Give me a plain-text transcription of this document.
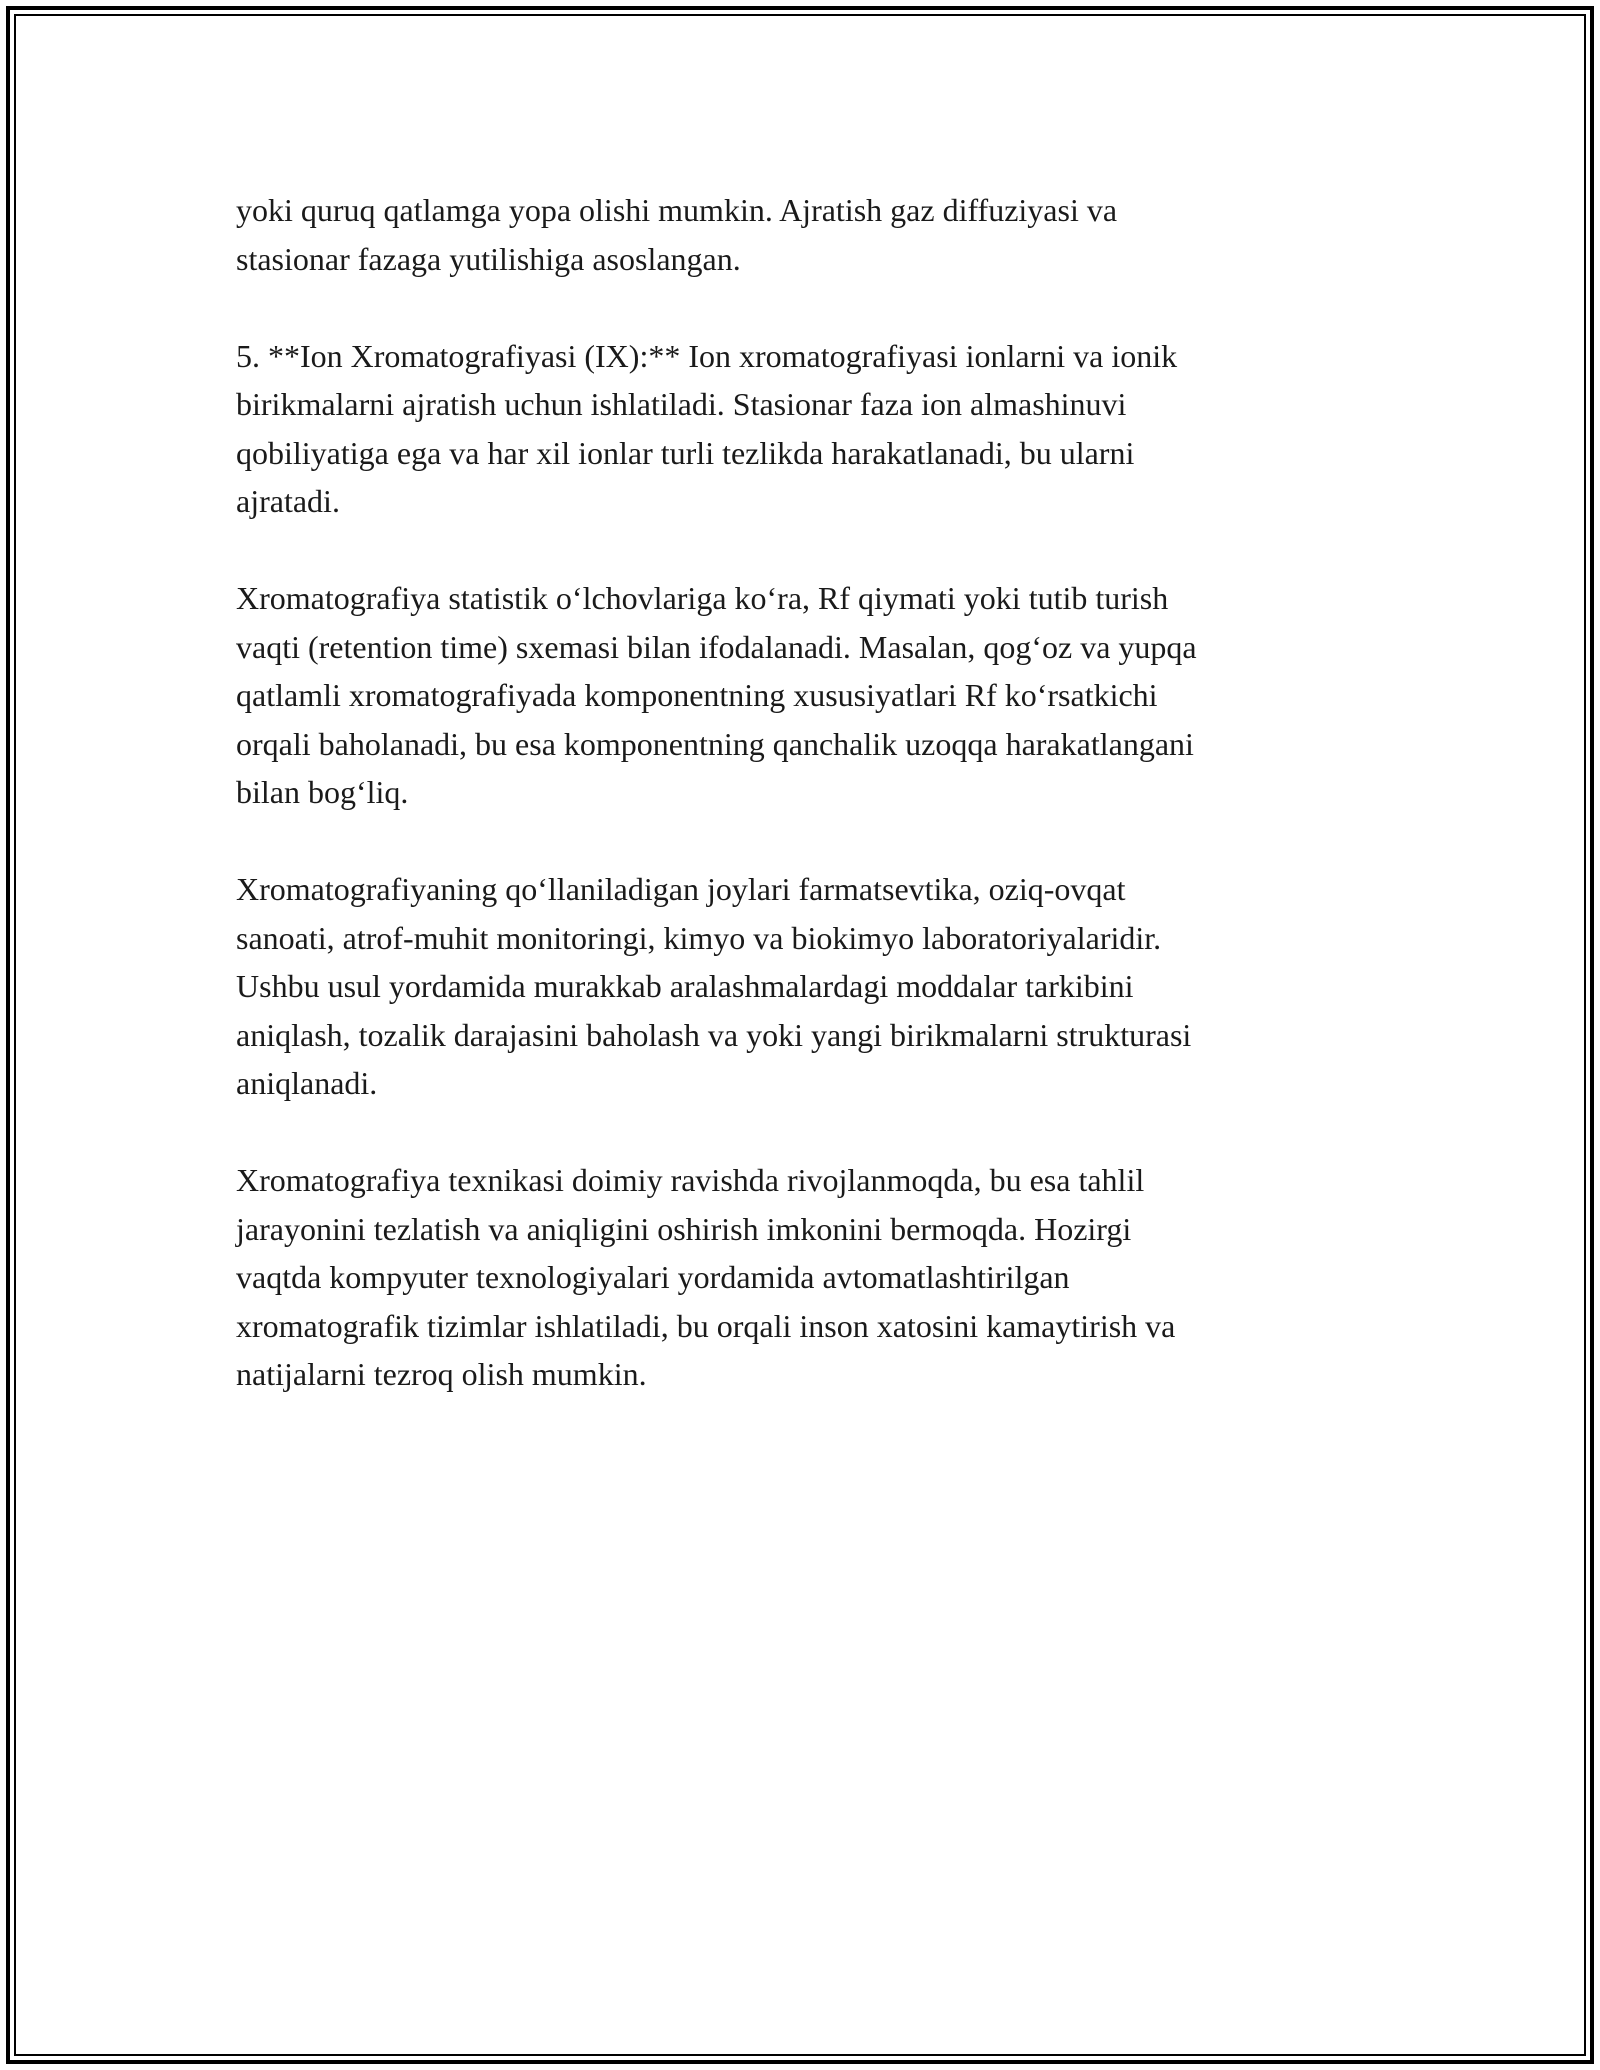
yoki quruq qatlamga yopa olishi mumkin. Ajratish gaz diffuziyasi va
stasionar fazaga yutilishiga asoslangan.

5. **Ion Xromatografiyasi (IX):** Ion xromatografiyasi ionlarni va ionik
birikmalarni ajratish uchun ishlatiladi. Stasionar faza ion almashinuvi
qobiliyatiga ega va har xil ionlar turli tezlikda harakatlanadi, bu ularni
ajratadi.

Xromatografiya statistik o‘lchovlariga ko‘ra, Rf qiymati yoki tutib turish
vaqti (retention time) sxemasi bilan ifodalanadi. Masalan, qog‘oz va yupqa
qatlamli xromatografiyada komponentning xususiyatlari Rf ko‘rsatkichi
orqali baholanadi, bu esa komponentning qanchalik uzoqqa harakatlangani
bilan bog‘liq.

Xromatografiyaning qo‘llaniladigan joylari farmatsevtika, oziq-ovqat
sanoati, atrof-muhit monitoringi, kimyo va biokimyo laboratoriyalaridir.
Ushbu usul yordamida murakkab aralashmalardagi moddalar tarkibini
aniqlash, tozalik darajasini baholash va yoki yangi birikmalarni strukturasi
aniqlanadi.

Xromatografiya texnikasi doimiy ravishda rivojlanmoqda, bu esa tahlil
jarayonini tezlatish va aniqligini oshirish imkonini bermoqda. Hozirgi
vaqtda kompyuter texnologiyalari yordamida avtomatlashtirilgan
xromatografik tizimlar ishlatiladi, bu orqali inson xatosini kamaytirish va
natijalarni tezroq olish mumkin.
